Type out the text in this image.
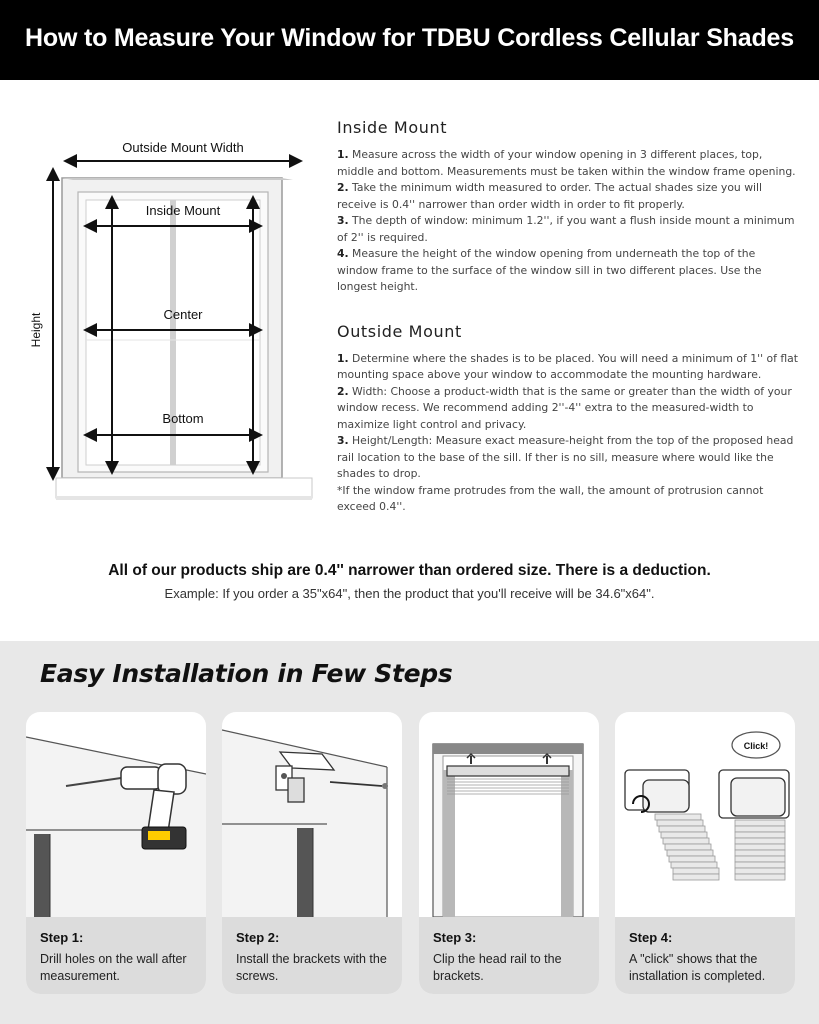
How to Measure Your Window for TDBU Cordless Cellular Shades
Outside Mount Width
Height
Inside Mount
Center
Bottom
Inside Mount
1. Measure across the width of your window opening in 3 different places, top, middle and bottom. Measurements must be taken within the window frame opening.
2. Take the minimum width measured to order. The actual shades size you will receive is 0.4'' narrower than order width in order to fit properly.
3. The depth of window: minimum 1.2'', if you want a flush inside mount a minimum of 2'' is required.
4. Measure the height of the window opening from underneath the top of the window frame to the surface of the window sill in two different places. Use the longest height.
Outside Mount
1. Determine where the shades is to be placed. You will need a minimum of 1'' of flat mounting space above your window to accommodate the mounting hardware.
2. Width: Choose a product-width that is the same or greater than the width of your window recess. We recommend adding 2''-4'' extra to the measured-width to maximize light control and privacy.
3. Height/Length: Measure exact measure-height from the top of the proposed head rail location to the base of the sill. If ther is no sill, measure where would like the shades to drop.

*If the window frame protrudes from the wall, the amount of protrusion cannot exceed 0.4''.

All of our products ship are 0.4'' narrower than ordered size. There is a deduction.

Example: If you order a 35"x64", then the product that you'll receive will be 34.6"x64".

Easy Installation in Few Steps
Step 1:
Drill holes on the wall after measurement.
Step 2:
Install the brackets with the screws.
Step 3:
Clip the head rail to the brackets.
Click!
Step 4:
A "click" shows that the installation is completed.
